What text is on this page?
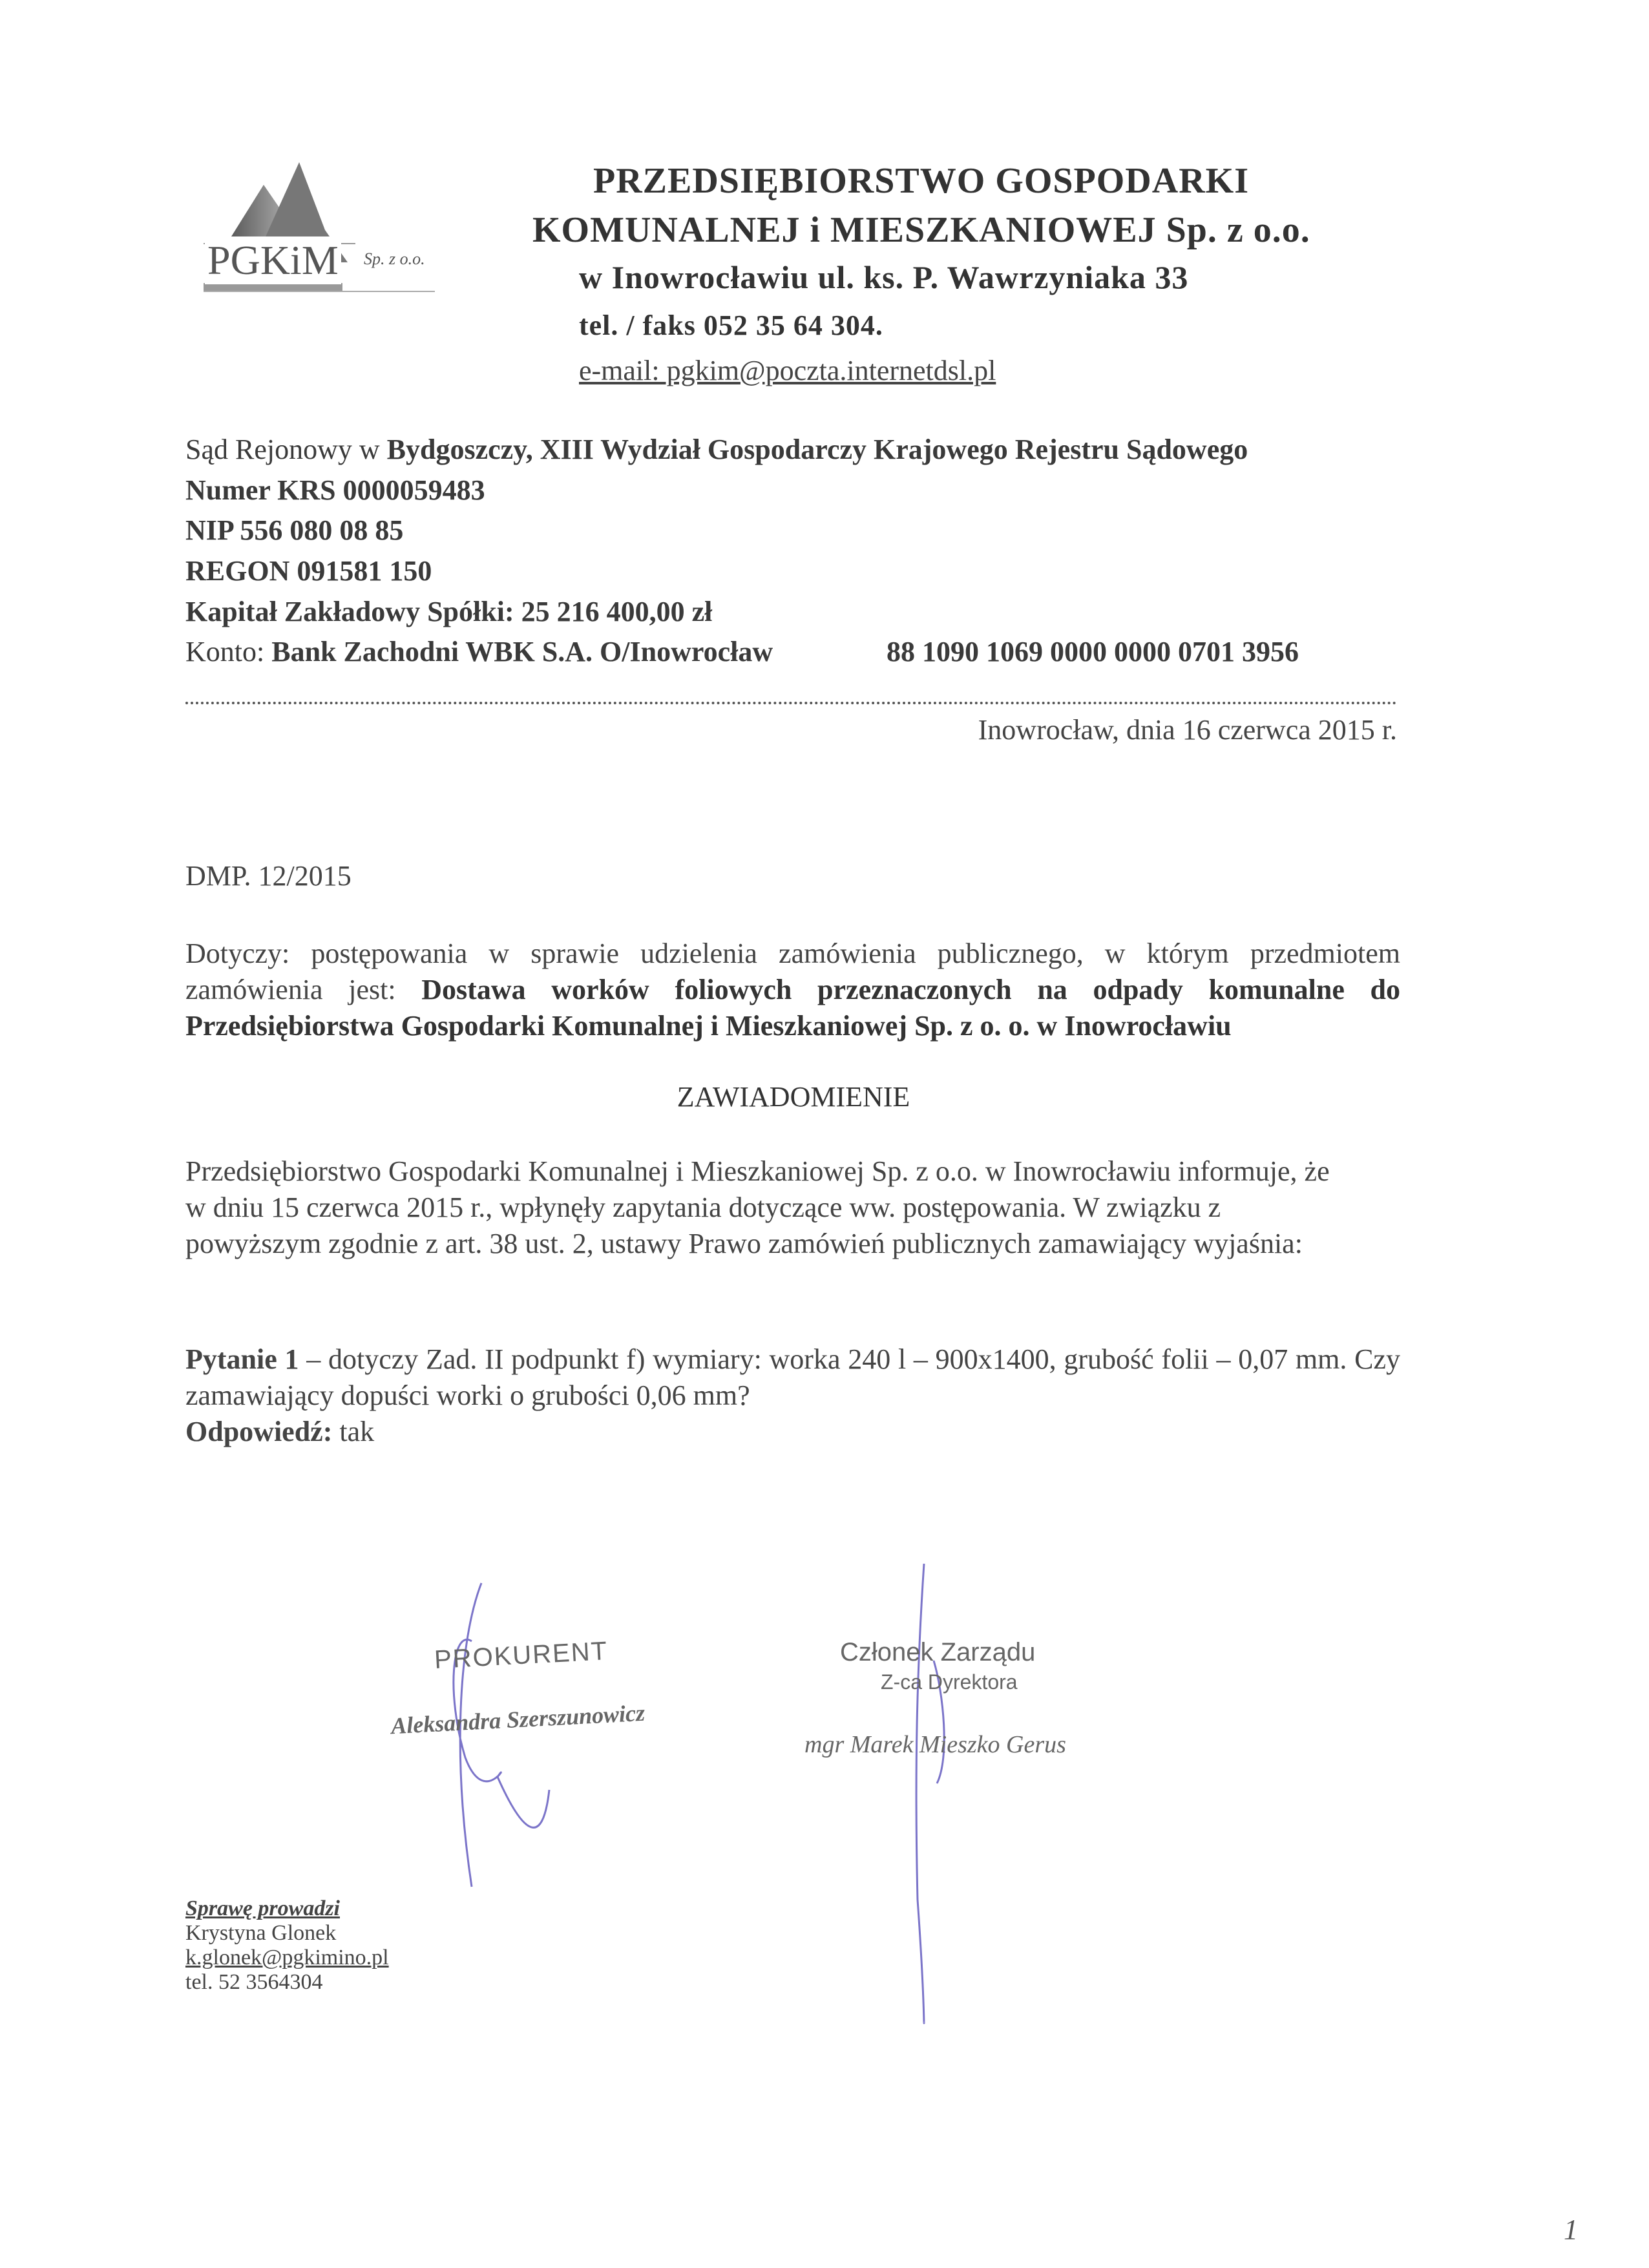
PGKiM Sp. z o.o.
PRZEDSIĘBIORSTWO GOSPODARKI
KOMUNALNEJ i MIESZKANIOWEJ Sp. z o.o.
w Inowrocławiu ul. ks. P. Wawrzyniaka 33
tel. / faks 052 35 64 304.
e-mail: pgkim@poczta.internetdsl.pl
Sąd Rejonowy w Bydgoszczy, XIII Wydział Gospodarczy Krajowego Rejestru Sądowego
Numer KRS 0000059483
NIP 556 080 08 85
REGON 091581 150
Kapitał Zakładowy Spółki: 25 216 400,00 zł
Konto: Bank Zachodni WBK S.A. O/Inowrocław	88 1090 1069 0000 0000 0701 3956
Inowrocław, dnia 16 czerwca 2015 r.
DMP. 12/2015
Dotyczy: postępowania w sprawie udzielenia zamówienia publicznego, w którym przedmiotem zamówienia jest: Dostawa worków foliowych przeznaczonych na odpady komunalne do Przedsiębiorstwa Gospodarki Komunalnej i Mieszkaniowej Sp. z o. o. w Inowrocławiu
ZAWIADOMIENIE
Przedsiębiorstwo Gospodarki Komunalnej i Mieszkaniowej Sp. z o.o. w Inowrocławiu informuje, że w dniu 15 czerwca 2015 r., wpłynęły zapytania dotyczące ww. postępowania. W związku z powyższym zgodnie z art. 38 ust. 2, ustawy Prawo zamówień publicznych zamawiający wyjaśnia:
Pytanie 1 – dotyczy Zad. II podpunkt f) wymiary: worka 240 l – 900x1400, grubość folii – 0,07 mm. Czy zamawiający dopuści worki o grubości 0,06 mm?
Odpowiedź: tak
PROKURENT
Aleksandra Szerszunowicz
Członek Zarządu
Z-ca Dyrektora
mgr Marek Mieszko Gerus
Sprawę prowadzi
Krystyna Glonek
k.glonek@pgkimino.pl
tel. 52 3564304
1
